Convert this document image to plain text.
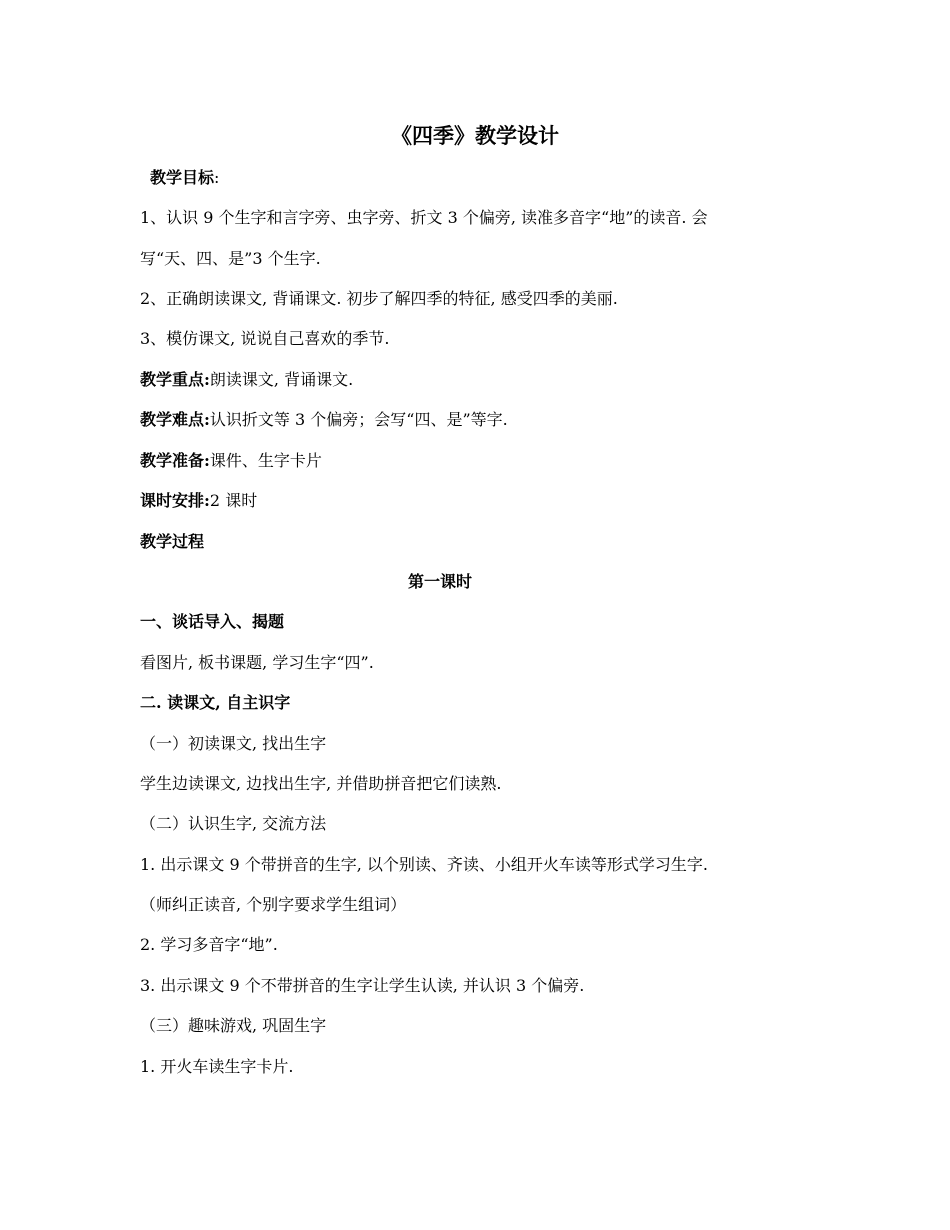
《四季》教学设计
教学目标:
1、认识 9 个生字和言字旁、虫字旁、折文 3 个偏旁, 读准多音字“地”的读音. 会
写“天、四、是”3 个生字.
2、正确朗读课文, 背诵课文. 初步了解四季的特征, 感受四季的美丽.
3、模仿课文, 说说自己喜欢的季节.
教学重点:朗读课文, 背诵课文.
教学难点:认识折文等 3 个偏旁；会写“四、是”等字.
教学准备:课件、生字卡片
课时安排:2 课时
教学过程
第一课时
一、谈话导入、揭题
看图片, 板书课题, 学习生字“四”.
二. 读课文, 自主识字
（一）初读课文, 找出生字
学生边读课文, 边找出生字, 并借助拼音把它们读熟.
（二）认识生字, 交流方法
1. 出示课文 9 个带拼音的生字, 以个别读、齐读、小组开火车读等形式学习生字.
（师纠正读音, 个别字要求学生组词）
2. 学习多音字“地”.
3. 出示课文 9 个不带拼音的生字让学生认读, 并认识 3 个偏旁.
（三）趣味游戏, 巩固生字
1. 开火车读生字卡片.
